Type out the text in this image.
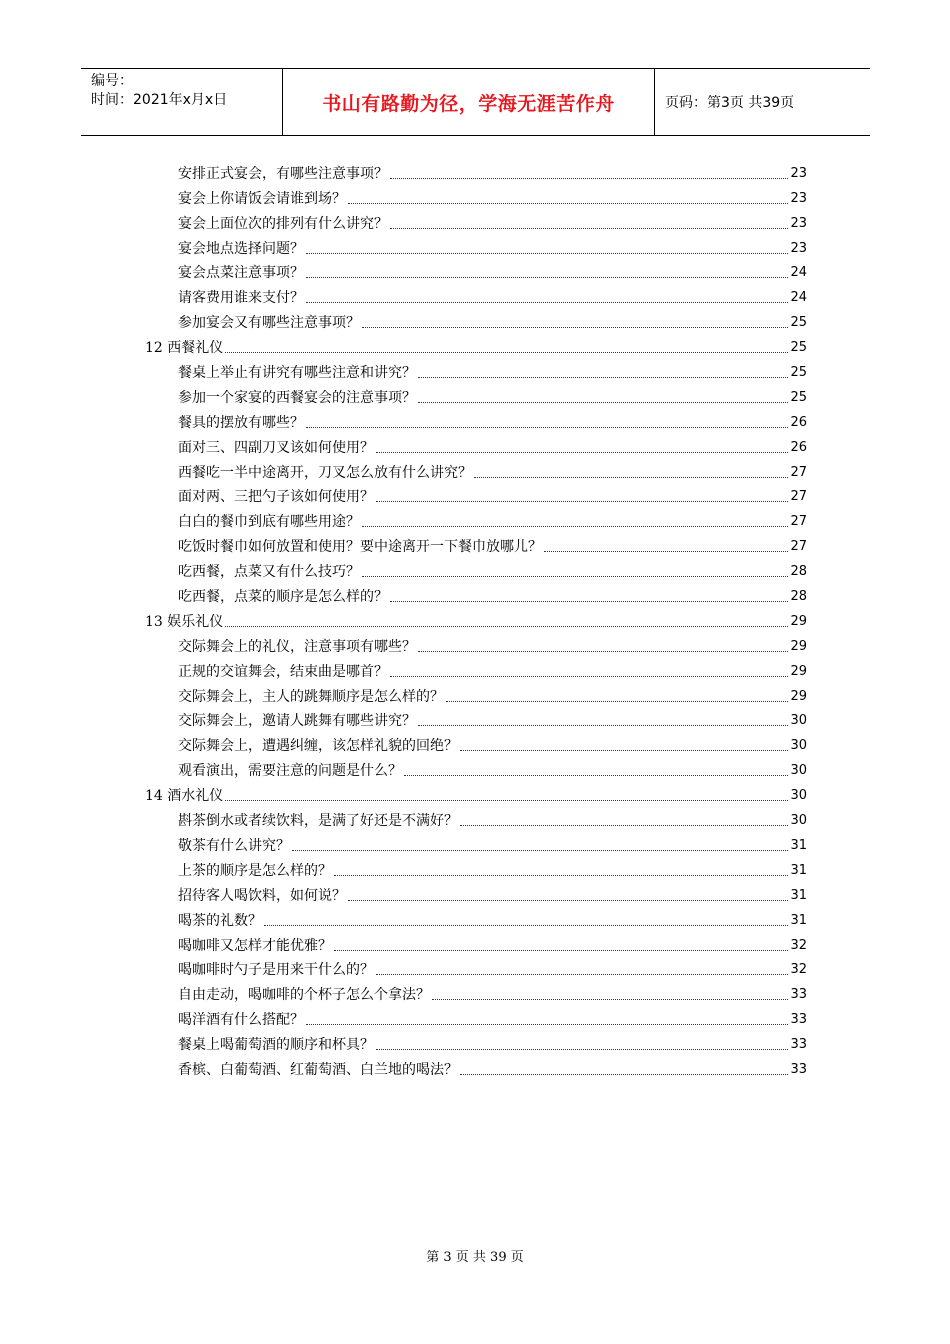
编号：
时间：2021年x月x日	书山有路勤为径，学海无涯苦作舟	页码：第3页 共39页
安排正式宴会，有哪些注意事项？	23
宴会上你请饭会请谁到场？	23
宴会上面位次的排列有什么讲究？	23
宴会地点选择问题？	23
宴会点菜注意事项？	24
请客费用谁来支付？	24
参加宴会又有哪些注意事项？	25
12 西餐礼仪	25
餐桌上举止有讲究有哪些注意和讲究？	25
参加一个家宴的西餐宴会的注意事项？	25
餐具的摆放有哪些？	26
面对三、四副刀叉该如何使用？	26
西餐吃一半中途离开，刀叉怎么放有什么讲究？	27
面对两、三把勺子该如何使用？	27
白白的餐巾到底有哪些用途？	27
吃饭时餐巾如何放置和使用？要中途离开一下餐巾放哪儿？	27
吃西餐，点菜又有什么技巧？	28
吃西餐，点菜的顺序是怎么样的？	28
13 娱乐礼仪	29
交际舞会上的礼仪，注意事项有哪些？	29
正规的交谊舞会，结束曲是哪首？	29
交际舞会上，主人的跳舞顺序是怎么样的？	29
交际舞会上，邀请人跳舞有哪些讲究？	30
交际舞会上，遭遇纠缠，该怎样礼貌的回绝？	30
观看演出，需要注意的问题是什么？	30
14 酒水礼仪	30
斟茶倒水或者续饮料，是满了好还是不满好？	30
敬茶有什么讲究？	31
上茶的顺序是怎么样的？	31
招待客人喝饮料，如何说？	31
喝茶的礼数？	31
喝咖啡又怎样才能优雅？	32
喝咖啡时勺子是用来干什么的？	32
自由走动，喝咖啡的个杯子怎么个拿法？	33
喝洋酒有什么搭配？	33
餐桌上喝葡萄酒的顺序和杯具？	33
香槟、白葡萄酒、红葡萄酒、白兰地的喝法？	33
第 3 页 共 39 页
